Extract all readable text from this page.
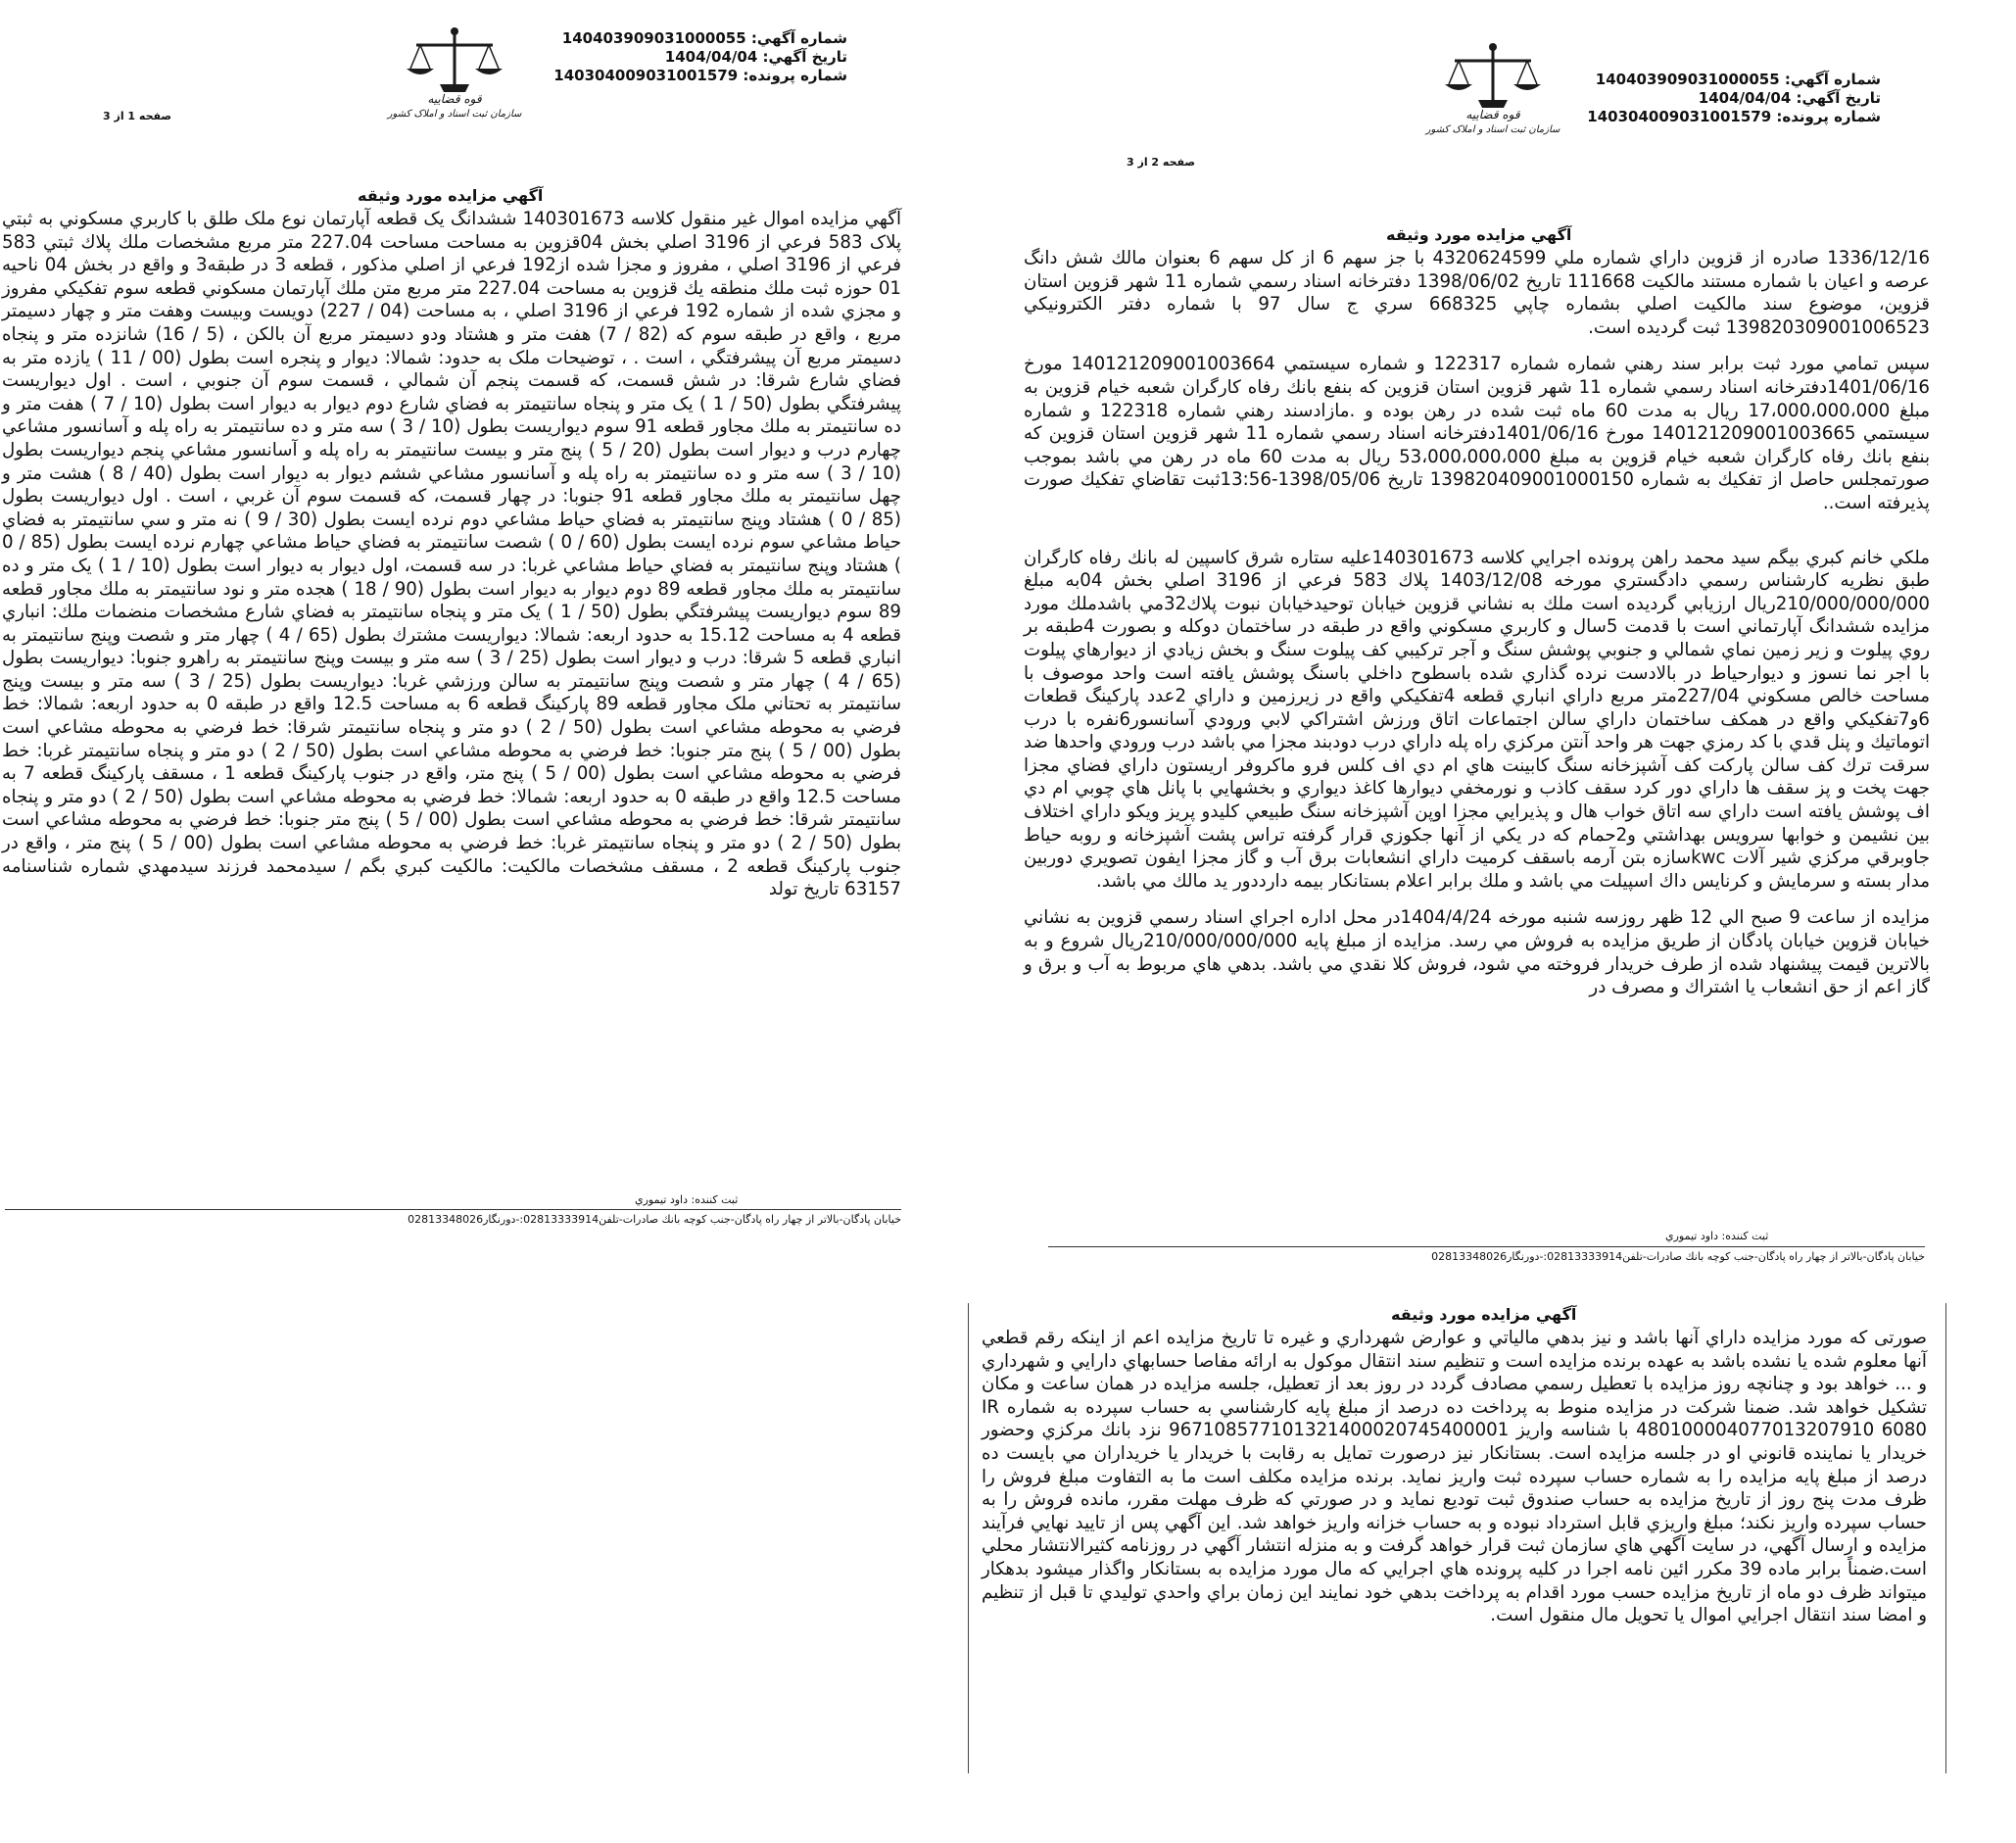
قوه قضاییه
سازمان ثبت اسناد و املاک کشور
شماره آگهي: 140403909031000055
تاريخ آگهي: 1404/04/04
شماره پرونده: 140304009031001579
صفحه 2 از 3
آگهي مزايده مورد وثيقه

1336/12/16 صادره از قزوين داراي شماره ملي 4320624599 با جز سهم 6 از كل سهم 6 بعنوان مالك شش دانگ عرصه و اعيان با شماره مستند مالكيت 111668 تاريخ 1398/06/02 دفترخانه اسناد رسمي شماره 11 شهر قزوين استان قزوين، موضوع سند مالكيت اصلي بشماره چاپي 668325 سري ج سال 97 با شماره دفتر الكترونيكي 139820309001006523 ثبت گرديده است.

سپس تمامي مورد ثبت برابر سند رهني شماره شماره 122317 و شماره سيستمي 140121209001003664 مورخ 1401/06/16دفترخانه اسناد رسمي شماره 11 شهر قزوين استان قزوين كه بنفع بانك رفاه كارگران شعبه خيام قزوين به مبلغ 17،000،000،000 ريال به مدت 60 ماه ثبت شده در رهن بوده و .مازادسند رهني شماره 122318 و شماره سيستمي 140121209001003665 مورخ 1401/06/16دفترخانه اسناد رسمي شماره 11 شهر قزوين استان قزوين كه بنفع بانك رفاه كارگران شعبه خيام قزوين به مبلغ 53،000،000،000 ريال به مدت 60 ماه در رهن مي باشد بموجب صورتمجلس حاصل از تفكيك به شماره 139820409001000150 تاريخ 1398/05/06-13:56ثبت تقاضاي تفكيك صورت پذيرفته است..

ملكي خانم كبري بيگم سيد محمد راهن پرونده اجرايي كلاسه 140301673عليه ستاره شرق كاسپين له بانك رفاه كارگران طبق نظريه كارشناس رسمي دادگستري مورخه 1403/12/08 پلاك 583 فرعي از 3196 اصلي بخش 04به مبلغ 210/000/000/000ريال ارزيابي گرديده است ملك به نشاني قزوين خيابان توحيدخيابان نبوت پلاك32مي باشدملك مورد مزايده ششدانگ آپارتماني است با قدمت 5سال و كاربري مسكوني واقع در طبقه در ساختمان دوكله و بصورت 4طبقه بر روي پيلوت و زير زمين نماي شمالي و جنوبي پوشش سنگ و آجر تركيبي كف پيلوت سنگ و بخش زيادي از ديوارهاي پيلوت با اجر نما نسوز و ديوارحياط در بالادست نرده گذاري شده باسطوح داخلي باسنگ پوشش يافته است واحد موصوف با مساحت خالص مسكوني 227/04متر مربع داراي انباري قطعه 4تفكيكي واقع در زيرزمين و داراي 2عدد پاركينگ قطعات 6و7تفكيكي واقع در همكف ساختمان داراي سالن اجتماعات اتاق ورزش اشتراكي لابي ورودي آسانسور6نفره با درب اتوماتيك و پنل قدي با كد رمزي جهت هر واحد آنتن مركزي راه پله داراي درب دودبند مجزا مي باشد درب ورودي واحدها ضد سرقت ترك كف سالن پاركت كف آشپزخانه سنگ كابينت هاي ام دي اف كلس فرو ماكروفر اريستون داراي فضاي مجزا جهت پخت و پز سقف ها داراي دور كرد سقف كاذب و نورمخفي ديوارها كاغذ ديواري و بخشهايي با پانل هاي چوبي ام دي اف پوشش يافته است داراي سه اتاق خواب هال و پذيرايي مجزا اوپن آشپزخانه سنگ طبيعي كليدو پريز ويكو داراي اختلاف بين نشيمن و خوابها سرويس بهداشتي و2حمام كه در يكي از آنها جكوزي قرار گرفته تراس پشت آشپزخانه و روبه حياط جاوبرقي مركزي شير آلات kwcسازه بتن آرمه باسقف كرميت داراي انشعابات برق آب و گاز مجزا ايفون تصويري دوربين مدار بسته و سرمايش و كرنايس داك اسپيلت مي باشد و ملك برابر اعلام بستانكار بيمه دارددور يد مالك مي باشد.

مزايده از ساعت 9 صبح الي 12 ظهر روزسه شنبه مورخه 1404/4/24در محل اداره اجراي اسناد رسمي قزوين به نشاني خيابان قزوين خيابان پادگان از طريق مزايده به فروش مي رسد. مزايده از مبلغ پايه 210/000/000/000ريال شروع و به بالاترين قيمت پيشنهاد شده از طرف خريدار فروخته مي شود، فروش كلا نقدي مي باشد. بدهي هاي مربوط به آب و برق و گاز اعم از حق انشعاب يا اشتراك و مصرف در

ثبت كننده: داود تيموري
خيابان پادگان-بالاتر از چهار راه پادگان-جنب كوچه بانك صادرات-تلفن02813333914:-دورنگار02813348026
قوه قضاییه
سازمان ثبت اسناد و املاک کشور
شماره آگهي: 140403909031000055
تاريخ آگهي: 1404/04/04
شماره پرونده: 140304009031001579
صفحه 1 از 3
آگهي مزايده مورد وثيقه

آگهي مزايده اموال غير منقول كلاسه 140301673 ششدانگ يک قطعه آپارتمان نوع ملک طلق با كاربري مسكوني به ثبتي پلاک 583 فرعي از 3196 اصلي بخش 04قزوين به مساحت مساحت 227.04 متر مربع مشخصات ملك پلاك ثبتي 583 فرعي از 3196 اصلي ، مفروز و مجزا شده از192 فرعي از اصلي مذكور ، قطعه 3 در طبقه3 و واقع در بخش 04 ناحيه 01 حوزه ثبت ملك منطقه يك قزوين به مساحت 227.04 متر مربع متن ملك آپارتمان مسكوني قطعه سوم تفكيكي مفروز و مجزي شده از شماره 192 فرعي از 3196 اصلي ، به مساحت (04 / 227) دويست وبيست وهفت متر و چهار دسيمتر مربع ، واقع در طبقه سوم كه (82 / 7) هفت متر و هشتاد ودو دسيمتر مربع آن بالكن ، (5 / 16) شانزده متر و پنجاه دسيمتر مربع آن پيشرفتگي ، است . ، توضيحات ملک به حدود: شمالا: ديوار و پنجره است بطول (00 / 11 ) يازده متر به فضاي شارع شرقا: در شش قسمت، كه قسمت پنجم آن شمالي ، قسمت سوم آن جنوبي ، است . اول ديواريست پيشرفتگي بطول (50 / 1 ) يک متر و پنجاه سانتيمتر به فضاي شارع دوم ديوار به ديوار است بطول (10 / 7 ) هفت متر و ده سانتيمتر به ملك مجاور قطعه 91 سوم ديواريست بطول (10 / 3 ) سه متر و ده سانتيمتر به راه پله و آسانسور مشاعي چهارم درب و ديوار است بطول (20 / 5 ) پنج متر و بيست سانتيمتر به راه پله و آسانسور مشاعي پنجم ديواريست بطول (10 / 3 ) سه متر و ده سانتيمتر به راه پله و آسانسور مشاعي ششم ديوار به ديوار است بطول (40 / 8 ) هشت متر و چهل سانتيمتر به ملك مجاور قطعه 91 جنوبا: در چهار قسمت، كه قسمت سوم آن غربي ، است . اول ديواريست بطول (85 / 0 ) هشتاد وپنج سانتيمتر به فضاي حياط مشاعي دوم نرده ايست بطول (30 / 9 ) نه متر و سي سانتيمتر به فضاي حياط مشاعي سوم نرده ايست بطول (60 / 0 ) شصت سانتيمتر به فضاي حياط مشاعي چهارم نرده ايست بطول (85 / 0 ) هشتاد وپنج سانتيمتر به فضاي حياط مشاعي غربا: در سه قسمت، اول ديوار به ديوار است بطول (10 / 1 ) يک متر و ده سانتيمتر به ملك مجاور قطعه 89 دوم ديوار به ديوار است بطول (90 / 18 ) هجده متر و نود سانتيمتر به ملك مجاور قطعه 89 سوم ديواريست پيشرفتگي بطول (50 / 1 ) يک متر و پنجاه سانتيمتر به فضاي شارع مشخصات منضمات ملك: انباري قطعه 4 به مساحت 15.12 به حدود اربعه: شمالا: ديواريست مشترك بطول (65 / 4 ) چهار متر و شصت وپنج سانتيمتر به انباري قطعه 5 شرقا: درب و ديوار است بطول (25 / 3 ) سه متر و بيست وپنج سانتيمتر به راهرو جنوبا: ديواريست بطول (65 / 4 ) چهار متر و شصت وپنج سانتيمتر به سالن ورزشي غربا: ديواريست بطول (25 / 3 ) سه متر و بيست وپنج سانتيمتر به تحتاني ملک مجاور قطعه 89 پاركينگ قطعه 6 به مساحت 12.5 واقع در طبقه 0 به حدود اربعه: شمالا: خط فرضي به محوطه مشاعي است بطول (50 / 2 ) دو متر و پنجاه سانتيمتر شرقا: خط فرضي به محوطه مشاعي است بطول (00 / 5 ) پنج متر جنوبا: خط فرضي به محوطه مشاعي است بطول (50 / 2 ) دو متر و پنجاه سانتيمتر غربا: خط فرضي به محوطه مشاعي است بطول (00 / 5 ) پنج متر، واقع در جنوب پاركينگ قطعه 1 ، مسقف پاركينگ قطعه 7 به مساحت 12.5 واقع در طبقه 0 به حدود اربعه: شمالا: خط فرضي به محوطه مشاعي است بطول (50 / 2 ) دو متر و پنجاه سانتيمتر شرقا: خط فرضي به محوطه مشاعي است بطول (00 / 5 ) پنج متر جنوبا: خط فرضي به محوطه مشاعي است بطول (50 / 2 ) دو متر و پنجاه سانتيمتر غربا: خط فرضي به محوطه مشاعي است بطول (00 / 5 ) پنج متر ، واقع در جنوب پاركينگ قطعه 2 ، مسقف مشخصات مالكيت: مالكيت كبري بگم / سيدمحمد فرزند سيدمهدي شماره شناسنامه 63157 تاريخ تولد

ثبت كننده: داود تيموري
خيابان پادگان-بالاتر از چهار راه پادگان-جنب كوچه بانك صادرات-تلفن02813333914:-دورنگار02813348026
آگهي مزايده مورد وثيقه

صورتی که مورد مزايده داراي آنها باشد و نيز بدهي مالياتي و عوارض شهرداري و غيره تا تاريخ مزايده اعم از اينكه رقم قطعي آنها معلوم شده يا نشده باشد به عهده برنده مزايده است و تنظيم سند انتقال موكول به ارائه مفاصا حسابهاي دارايي و شهرداري و ... خواهد بود و چنانچه روز مزايده با تعطيل رسمي مصادف گردد در روز بعد از تعطيل، جلسه مزايده در همان ساعت و مكان تشكيل خواهد شد. ضمنا شركت در مزايده منوط به پرداخت ده درصد از مبلغ پايه كارشناسي به حساب سپرده به شماره IR 480100004077013207910 6080 با شناسه واريز 967108577101321400020745400001 نزد بانك مركزي وحضور خريدار يا نماينده قانوني او در جلسه مزايده است. بستانكار نيز درصورت تمايل به رقابت با خريدار يا خريداران مي بايست ده درصد از مبلغ پايه مزايده را به شماره حساب سپرده ثبت واريز نمايد. برنده مزايده مكلف است ما به التفاوت مبلغ فروش را ظرف مدت پنج روز از تاريخ مزايده به حساب صندوق ثبت توديع نمايد و در صورتي كه ظرف مهلت مقرر، مانده فروش را به حساب سپرده واريز نكند؛ مبلغ واريزي قابل استرداد نبوده و به حساب خزانه واريز خواهد شد. اين آگهي پس از تاييد نهايي فرآيند مزايده و ارسال آگهي، در سايت آگهي هاي سازمان ثبت قرار خواهد گرفت و به منزله انتشار آگهي در روزنامه كثيرالانتشار محلي است.ضمناً برابر ماده 39 مكرر ائين نامه اجرا در كليه پرونده هاي اجرايي كه مال مورد مزايده به بستانكار واگذار ميشود بدهكار ميتواند ظرف دو ماه از تاريخ مزايده حسب مورد اقدام به پرداخت بدهي خود نمايند اين زمان براي واحدي توليدي تا قبل از تنظيم و امضا سند انتقال اجرايي اموال يا تحويل مال منقول است.
